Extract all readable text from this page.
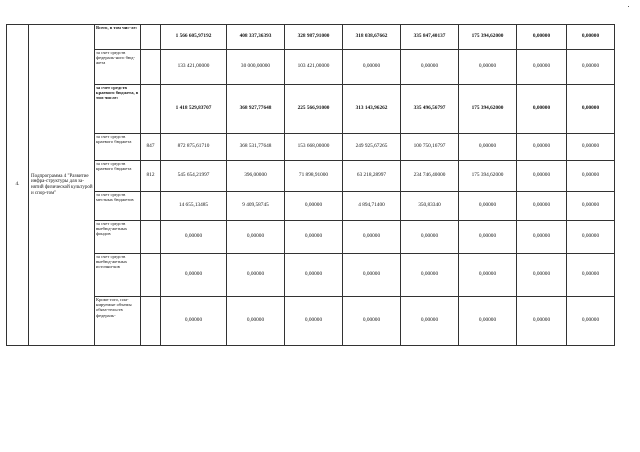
4.	Подпрограмма 4 "Развитие инфра-структуры для за-нятий физической культурой и спор-том"	Всего, в том чис-ле:		1 566 605,97192	408 337,36393	328 987,91000	318 038,67662	335 847,40137	175 394,62000	0,00000	0,00000
		за счет средств федераль-ного бюд-жета		133 421,00000	30 000,00000	103 421,00000	0,00000	0,00000	0,00000	0,00000	0,00000
		за счет средств краевого бюджета, в том числе:		1 418 529,83707	368 927,77648	225 566,91000	313 143,96262	335 496,56797	175 394,62000	0,00000	0,00000
		за счет средств краевого бюджета	847	872 875,61710	368 531,77648	153 668,00000	249 925,67265	100 750,16797	0,00000	0,00000	0,00000
		за счет средств краевого бюджета	812	545 654,21997	396,00000	71 898,91000	63 218,28997	234 746,40000	175 394,62000	0,00000	0,00000
		за счет средств местных бюджетов		14 655,13485	9 409,58745	0,00000	4 894,71400	350,83340	0,00000	0,00000	0,00000
		за счет средств внебюд-жетных фондов		0,00000	0,00000	0,00000	0,00000	0,00000	0,00000	0,00000	0,00000
		за счет средств внебюд-жетных источни-ков		0,00000	0,00000	0,00000	0,00000	0,00000	0,00000	0,00000	0,00000
		Кроме того, пла-нируемые объемы обяза-тельств федераль-		0,00000	0,00000	0,00000	0,00000	0,00000	0,00000	0,00000	0,00000
